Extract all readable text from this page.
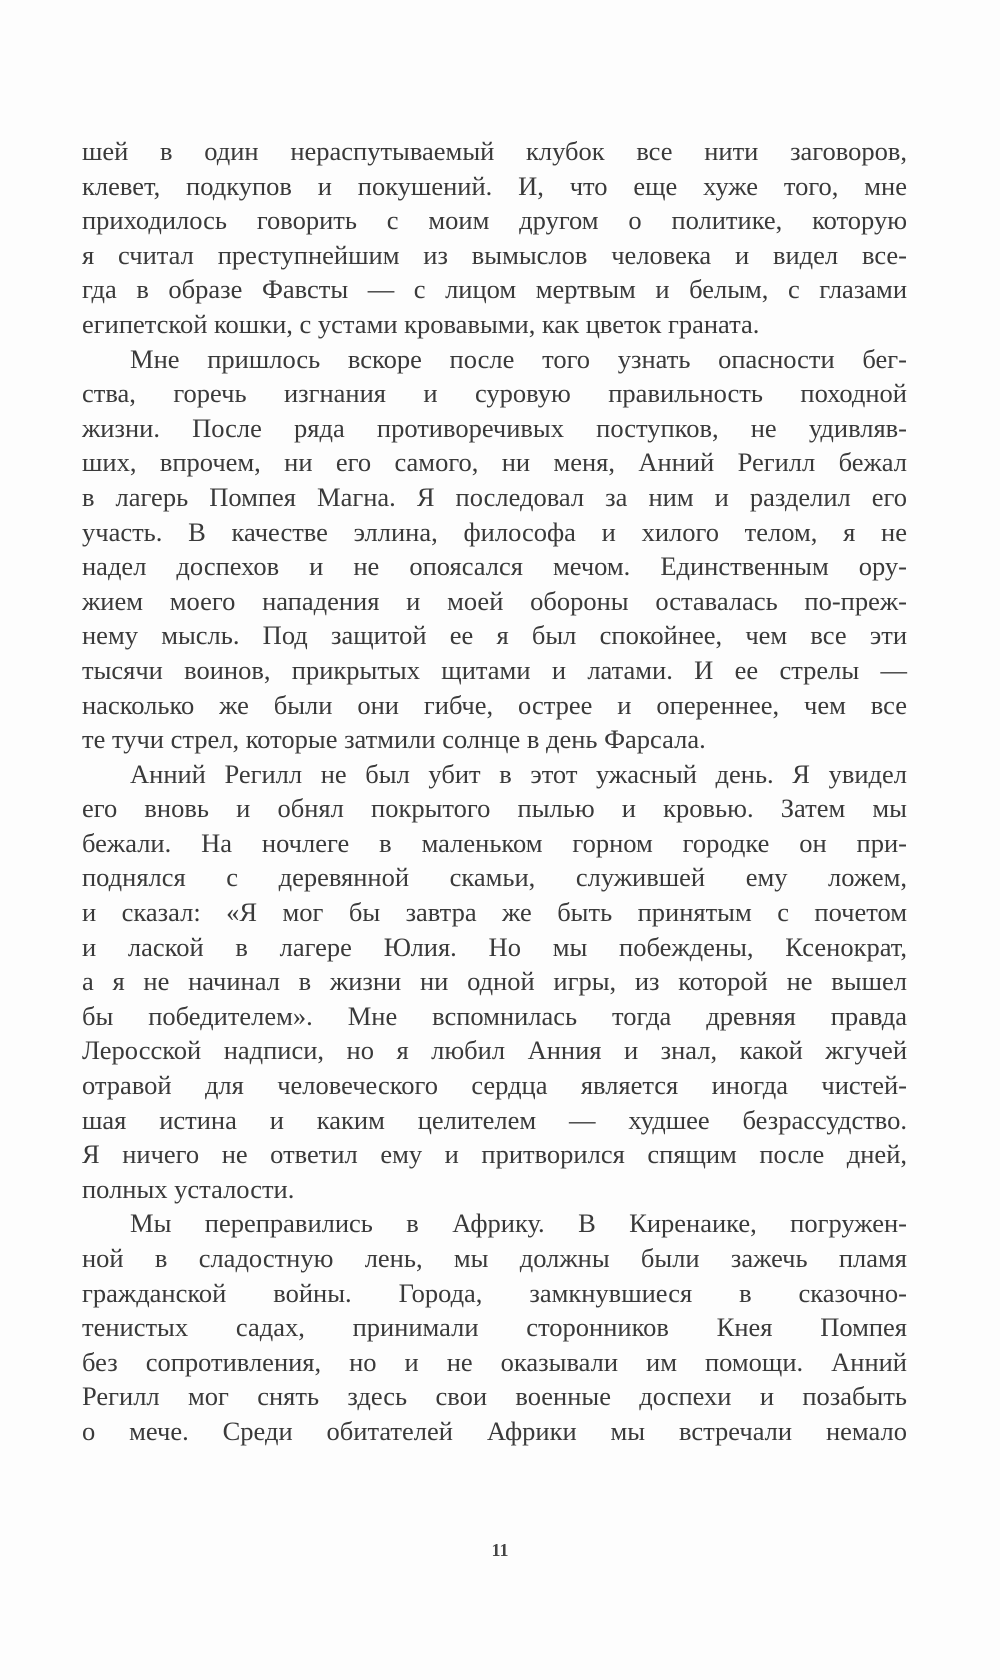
шей в один нераспутываемый клубок все нити заговоров,
клевет, подкупов и покушений. И, что еще хуже того, мне
приходилось говорить с моим другом о политике, которую
я считал преступнейшим из вымыслов человека и видел все-
гда в образе Фавсты — с лицом мертвым и белым, с глазами
египетской кошки, с устами кровавыми, как цветок граната.
Мне пришлось вскоре после того узнать опасности бег-
ства, горечь изгнания и суровую правильность походной
жизни. После ряда противоречивых поступков, не удивляв-
ших, впрочем, ни его самого, ни меня, Анний Регилл бежал
в лагерь Помпея Магна. Я последовал за ним и разделил его
участь. В качестве эллина, философа и хилого телом, я не
надел доспехов и не опоясался мечом. Единственным ору-
жием моего нападения и моей обороны оставалась по-преж-
нему мысль. Под защитой ее я был спокойнее, чем все эти
тысячи воинов, прикрытых щитами и латами. И ее стрелы —
насколько же были они гибче, острее и опереннее, чем все
те тучи стрел, которые затмили солнце в день Фарсала.
Анний Регилл не был убит в этот ужасный день. Я увидел
его вновь и обнял покрытого пылью и кровью. Затем мы
бежали. На ночлеге в маленьком горном городке он при-
поднялся с деревянной скамьи, служившей ему ложем,
и сказал: «Я мог бы завтра же быть принятым с почетом
и лаской в лагере Юлия. Но мы побеждены, Ксенократ,
а я не начинал в жизни ни одной игры, из которой не вышел
бы победителем». Мне вспомнилась тогда древняя правда
Леросской надписи, но я любил Анния и знал, какой жгучей
отравой для человеческого сердца является иногда чистей-
шая истина и каким целителем — худшее безрассудство.
Я ничего не ответил ему и притворился спящим после дней,
полных усталости.
Мы переправились в Африку. В Киренаике, погружен-
ной в сладостную лень, мы должны были зажечь пламя
гражданской войны. Города, замкнувшиеся в сказочно-
тенистых садах, принимали сторонников Кнея Помпея
без сопротивления, но и не оказывали им помощи. Анний
Регилл мог снять здесь свои военные доспехи и позабыть
о мече. Среди обитателей Африки мы встречали немало
11
